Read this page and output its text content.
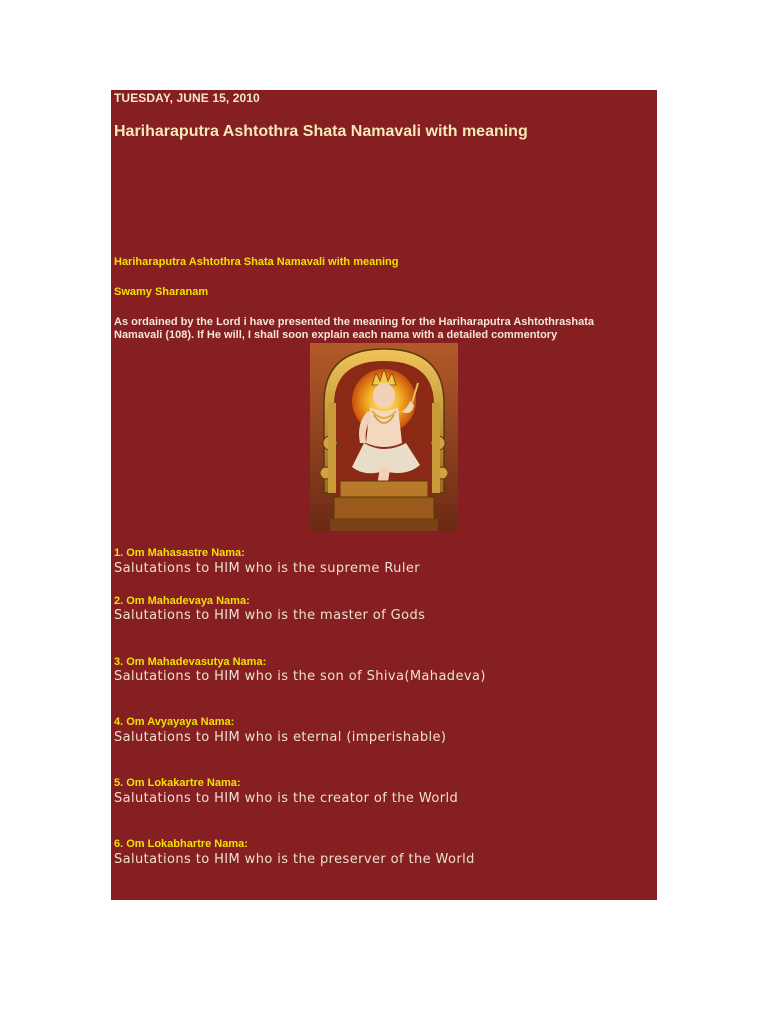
TUESDAY, JUNE 15, 2010
Hariharaputra Ashtothra Shata Namavali with meaning
Hariharaputra Ashtothra Shata Namavali with meaning
Swamy Sharanam
As ordained by the Lord i have presented the meaning for the Hariharaputra Ashtothrashata Namavali (108). If He will, I shall soon explain each nama with a detailed commentory
1. Om Mahasastre Nama:
Salutations to HIM who is the supreme Ruler
2. Om Mahadevaya Nama:
Salutations to HIM who is the master of Gods
3. Om Mahadevasutya Nama:
Salutations to HIM who is the son of Shiva(Mahadeva)
4. Om Avyayaya Nama:
Salutations to HIM who is eternal (imperishable)
5. Om Lokakartre Nama:
Salutations to HIM who is the creator of the World
6. Om Lokabhartre Nama:
Salutations to HIM who is the preserver of the World
